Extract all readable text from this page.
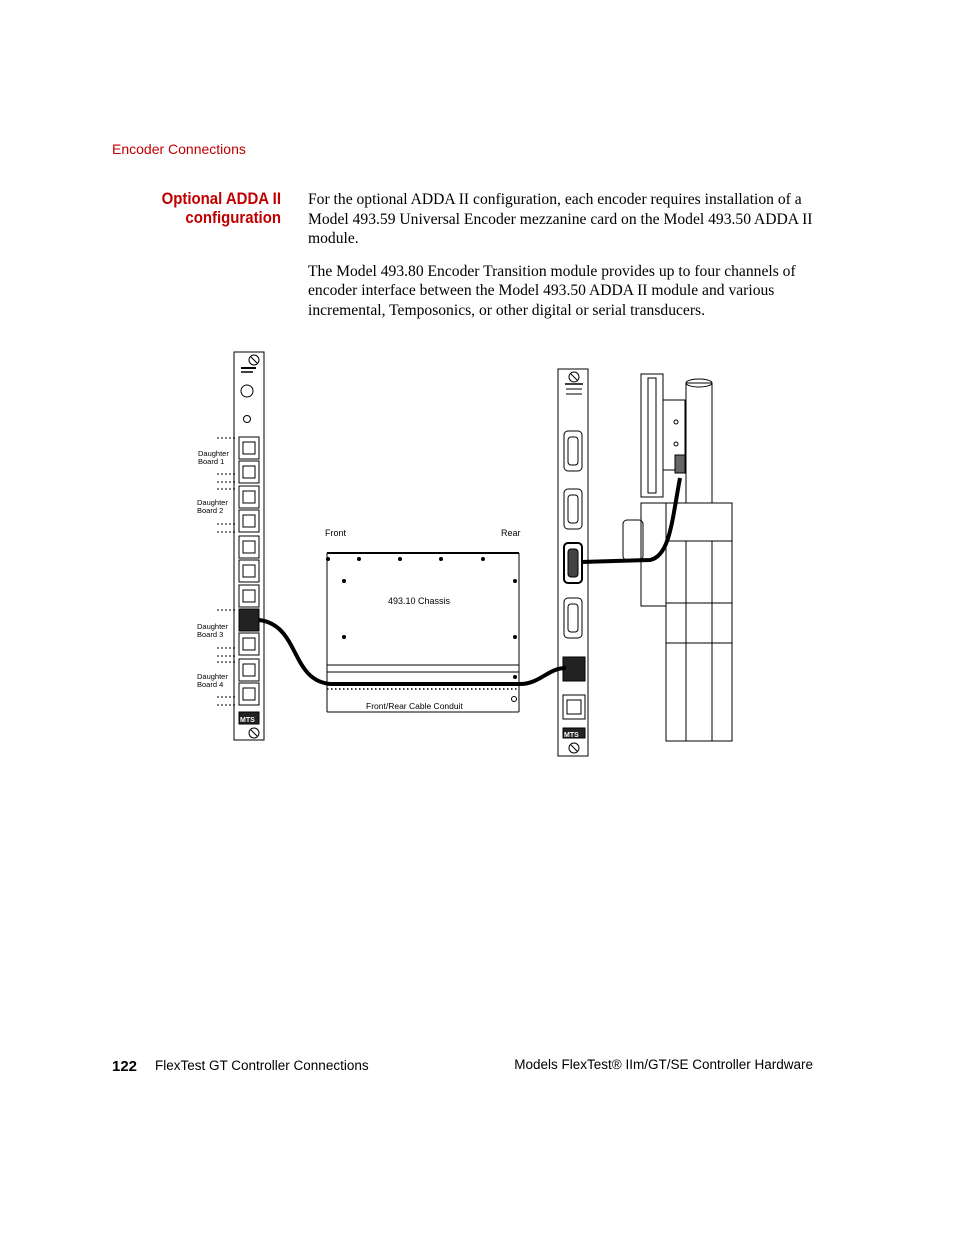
Encoder Connections
Optional ADDA II configuration

For the optional ADDA II configuration, each encoder requires installation of a Model 493.59 Universal Encoder mezzanine card on the Model 493.50 ADDA II module.

The Model 493.80 Encoder Transition module provides up to four channels of encoder interface between the Model 493.50 ADDA II module and various incremental, Temposonics, or other digital or serial transducers.

Daughter
Board 1
Daughter
Board 2
Daughter
Board 3
Daughter
Board 4
Front	Rear
493.10 Chassis
Front/Rear Cable Conduit
MTS
MTS
122 FlexTest GT Controller Connections	Models FlexTest® IIm/GT/SE Controller Hardware
